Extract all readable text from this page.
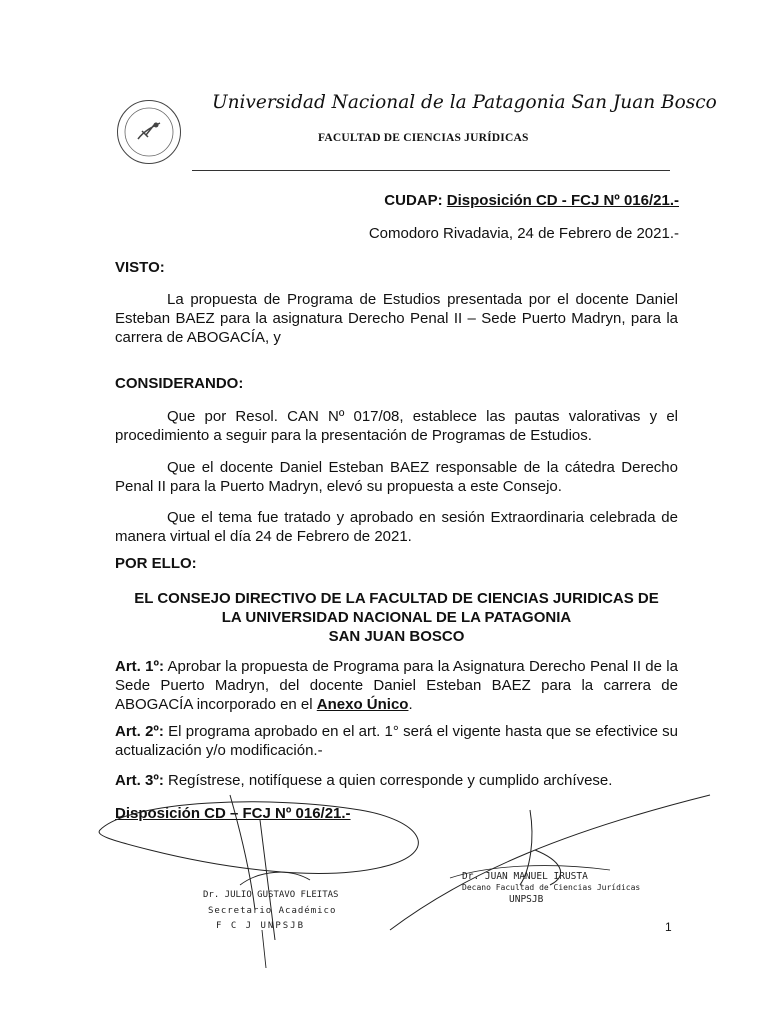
Universidad Nacional de la Patagonia San Juan Bosco
FACULTAD DE CIENCIAS JURÍDICAS
CUDAP: Disposición CD - FCJ Nº 016/21.-
Comodoro Rivadavia, 24 de Febrero de 2021.-
VISTO:
La propuesta de Programa de Estudios presentada por el docente Daniel Esteban BAEZ para la asignatura Derecho Penal II – Sede Puerto Madryn, para la carrera de ABOGACÍA, y
CONSIDERANDO:
Que por Resol. CAN Nº 017/08, establece las pautas valorativas y el procedimiento a seguir para la presentación de Programas de Estudios.
Que el docente Daniel Esteban BAEZ responsable de la cátedra Derecho Penal II para la Puerto Madryn, elevó su propuesta a este Consejo.
Que el tema fue tratado y aprobado en sesión Extraordinaria celebrada de manera virtual el día 24 de Febrero de 2021.
POR ELLO:
EL CONSEJO DIRECTIVO DE LA FACULTAD DE CIENCIAS JURIDICAS DE
LA UNIVERSIDAD NACIONAL DE LA PATAGONIA
SAN JUAN BOSCO
Art. 1º: Aprobar la propuesta de Programa para la Asignatura Derecho Penal II de la Sede Puerto Madryn, del docente Daniel Esteban BAEZ para la carrera de ABOGACÍA incorporado en el Anexo Único.
Art. 2º: El programa aprobado en el art. 1° será el vigente hasta que se efectivice su actualización y/o modificación.-
Art. 3º: Regístrese, notifíquese a quien corresponde y cumplido archívese.
Disposición CD – FCJ Nº 016/21.-
Dr. JULIO GUSTAVO FLEITAS
Secretario Académico
F C J UNPSJB
Dr. JUAN MANUEL IRUSTA
Decano Facultad de Ciencias Jurídicas
UNPSJB
1
